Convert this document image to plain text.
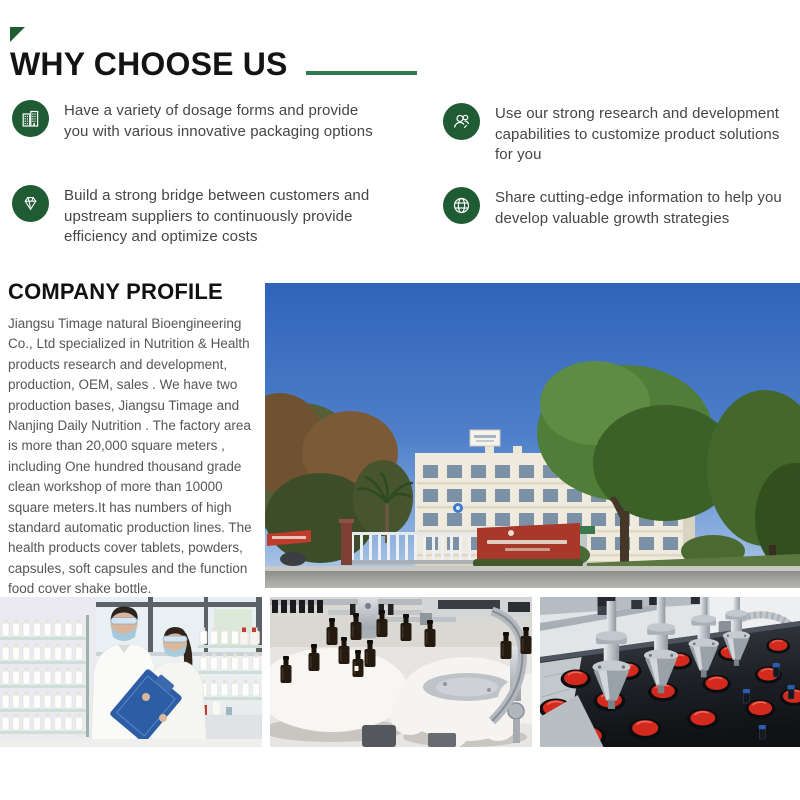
WHY CHOOSE US
Have a variety of dosage forms and provide you with various innovative packaging options
Use our strong research and development capabilities to customize product solutions for you
Build a strong bridge between customers and upstream suppliers to continuously provide efficiency and optimize costs
Share cutting-edge information to help you develop valuable growth strategies
COMPANY PROFILE
Jiangsu Timage natural Bioengineering Co., Ltd specialized in Nutrition & Health products research and development, production, OEM, sales . We have two production bases, Jiangsu Timage and Nanjing Daily Nutrition . The factory area is more than 20,000 square meters , including One hundred thousand grade clean workshop of more than 10000 square meters.It has numbers of high standard automatic production lines. The health products cover tablets, powders, capsules, soft capsules and the function food cover shake bottle.
